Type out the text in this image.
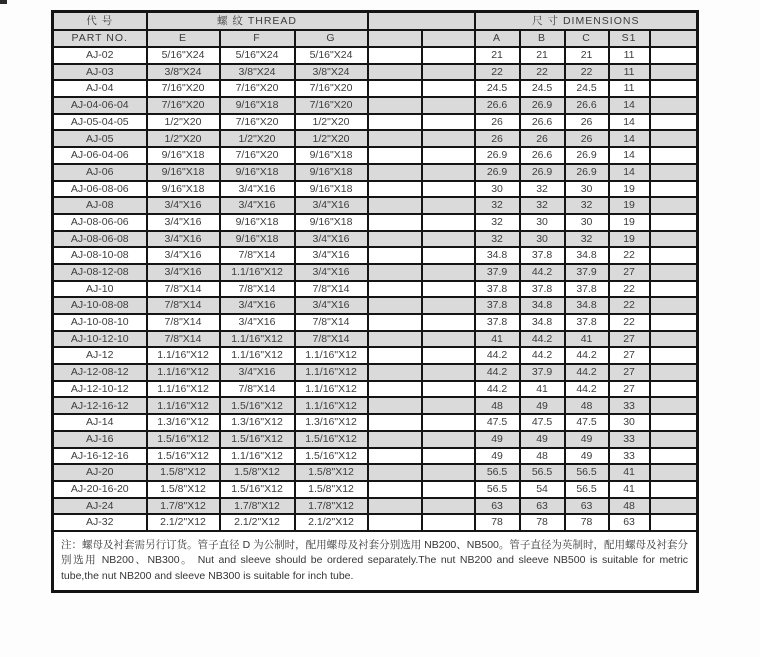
代 号	螺 纹 THREAD					尺 寸 DIMENSIONS				
PART NO.	E	F	G			A	B	C	S1	
AJ-02	5/16"X24	5/16"X24	5/16"X24			21	21	21	11	
AJ-03	3/8"X24	3/8"X24	3/8"X24			22	22	22	11	
AJ-04	7/16"X20	7/16"X20	7/16"X20			24.5	24.5	24.5	11	
AJ-04-06-04	7/16"X20	9/16"X18	7/16"X20			26.6	26.9	26.6	14	
AJ-05-04-05	1/2"X20	7/16"X20	1/2"X20			26	26.6	26	14	
AJ-05	1/2"X20	1/2"X20	1/2"X20			26	26	26	14	
AJ-06-04-06	9/16"X18	7/16"X20	9/16"X18			26.9	26.6	26.9	14	
AJ-06	9/16"X18	9/16"X18	9/16"X18			26.9	26.9	26.9	14	
AJ-06-08-06	9/16"X18	3/4"X16	9/16"X18			30	32	30	19	
AJ-08	3/4"X16	3/4"X16	3/4"X16			32	32	32	19	
AJ-08-06-06	3/4"X16	9/16"X18	9/16"X18			32	30	30	19	
AJ-08-06-08	3/4"X16	9/16"X18	3/4"X16			32	30	32	19	
AJ-08-10-08	3/4"X16	7/8"X14	3/4"X16			34.8	37.8	34.8	22	
AJ-08-12-08	3/4"X16	1.1/16"X12	3/4"X16			37.9	44.2	37.9	27	
AJ-10	7/8"X14	7/8"X14	7/8"X14			37.8	37.8	37.8	22	
AJ-10-08-08	7/8"X14	3/4"X16	3/4"X16			37.8	34.8	34.8	22	
AJ-10-08-10	7/8"X14	3/4"X16	7/8"X14			37.8	34.8	37.8	22	
AJ-10-12-10	7/8"X14	1.1/16"X12	7/8"X14			41	44.2	41	27	
AJ-12	1.1/16"X12	1.1/16"X12	1.1/16"X12			44.2	44.2	44.2	27	
AJ-12-08-12	1.1/16"X12	3/4"X16	1.1/16"X12			44.2	37.9	44.2	27	
AJ-12-10-12	1.1/16"X12	7/8"X14	1.1/16"X12			44.2	41	44.2	27	
AJ-12-16-12	1.1/16"X12	1.5/16"X12	1.1/16"X12			48	49	48	33	
AJ-14	1.3/16"X12	1.3/16"X12	1.3/16"X12			47.5	47.5	47.5	30	
AJ-16	1.5/16"X12	1.5/16"X12	1.5/16"X12			49	49	49	33	
AJ-16-12-16	1.5/16"X12	1.1/16"X12	1.5/16"X12			49	48	49	33	
AJ-20	1.5/8"X12	1.5/8"X12	1.5/8"X12			56.5	56.5	56.5	41	
AJ-20-16-20	1.5/8"X12	1.5/16"X12	1.5/8"X12			56.5	54	56.5	41	
AJ-24	1.7/8"X12	1.7/8"X12	1.7/8"X12			63	63	63	48	
AJ-32	2.1/2"X12	2.1/2"X12	2.1/2"X12			78	78	78	63	
注：螺母及衬套需另行订货。管子直径 D 为公制时，配用螺母及衬套分别选用 NB200、NB500。管子直径为英制时，配用螺母及衬套分别选用 NB200、NB300。 Nut and sleeve should be ordered separately.The nut NB200 and sleeve NB500 is suitable for metric tube,the nut NB200 and sleeve NB300 is suitable for inch tube.										
